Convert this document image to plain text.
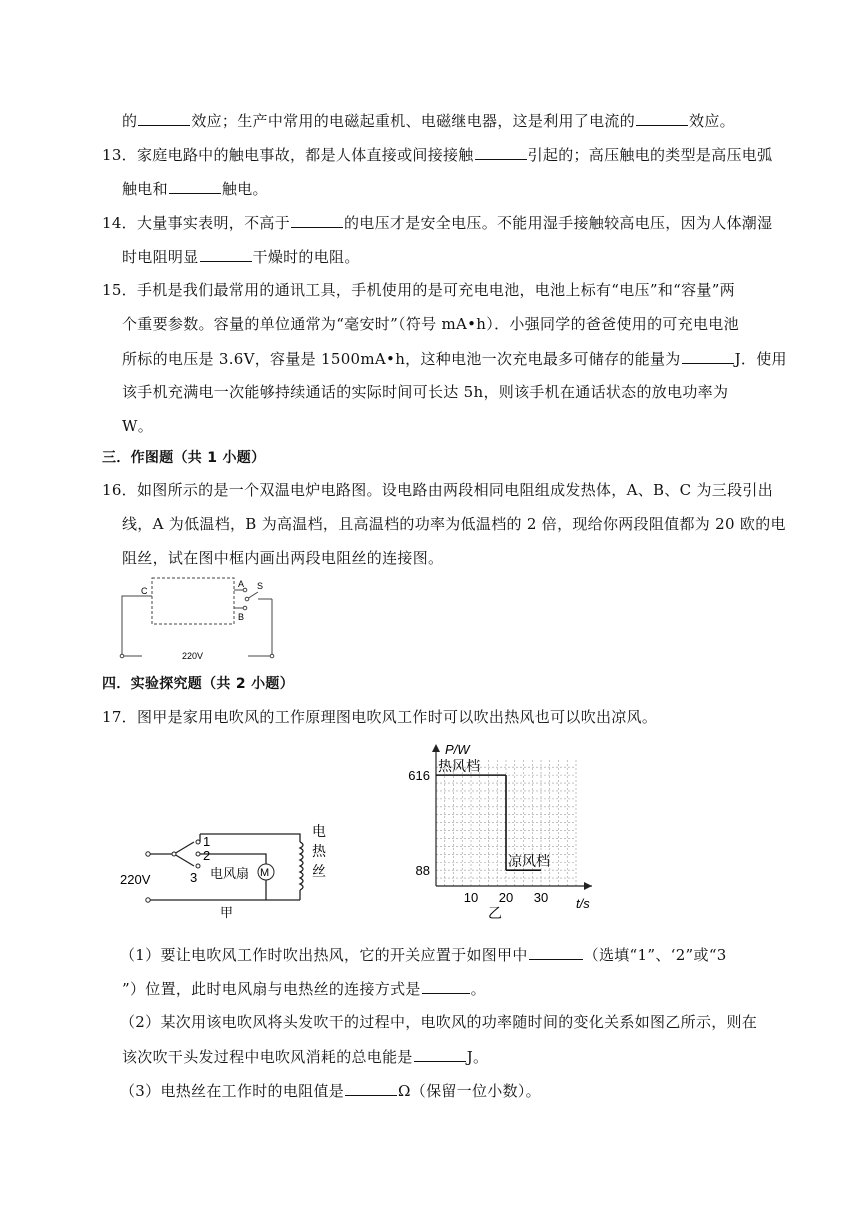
的	效应；生产中常用的电磁起重机、电磁继电器，这是利用了电流的	效应。
13．家庭电路中的触电事故，都是人体直接或间接接触	引起的；高压触电的类型是高压电弧
触电和	触电。
14．大量事实表明，不高于	的电压才是安全电压。不能用湿手接触较高电压，因为人体潮湿
时电阻明显	干燥时的电阻。
15．手机是我们最常用的通讯工具，手机使用的是可充电电池，电池上标有“电压”和“容量”两
个重要参数。容量的单位通常为“毫安时”（符号 mA•h）．小强同学的爸爸使用的可充电电池
所标的电压是 3.6V，容量是 1500mA•h，这种电池一次充电最多可储存的能量为	J．使用
该手机充满电一次能够持续通话的实际时间可长达 5h，则该手机在通话状态的放电功率为
W。
三．作图题（共 1 小题）
16．如图所示的是一个双温电炉电路图。设电路由两段相同电阻组成发热体，A、B、C 为三段引出
线，A 为低温档，B 为高温档，且高温档的功率为低温档的 2 倍，现给你两段阻值都为 20 欧的电
阻丝，试在图中框内画出两段电阻丝的连接图。
C
A
B
S
220V
四．实验探究题（共 2 小题）
17．图甲是家用电吹风的工作原理图电吹风工作时可以吹出热风也可以吹出凉风。
M
1
2
3 电风扇
220V
电
热
丝
甲
热风档
凉风档
616
88
10 20 30
P/W
t/s
乙
（1）要让电吹风工作时吹出热风，它的开关应置于如图甲中	（选填“1”、‘2”或“3
”）位置，此时电风扇与电热丝的连接方式是	。
（2）某次用该电吹风将头发吹干的过程中，电吹风的功率随时间的变化关系如图乙所示，则在
该次吹干头发过程中电吹风消耗的总电能是	J。
（3）电热丝在工作时的电阻值是	Ω（保留一位小数）。
